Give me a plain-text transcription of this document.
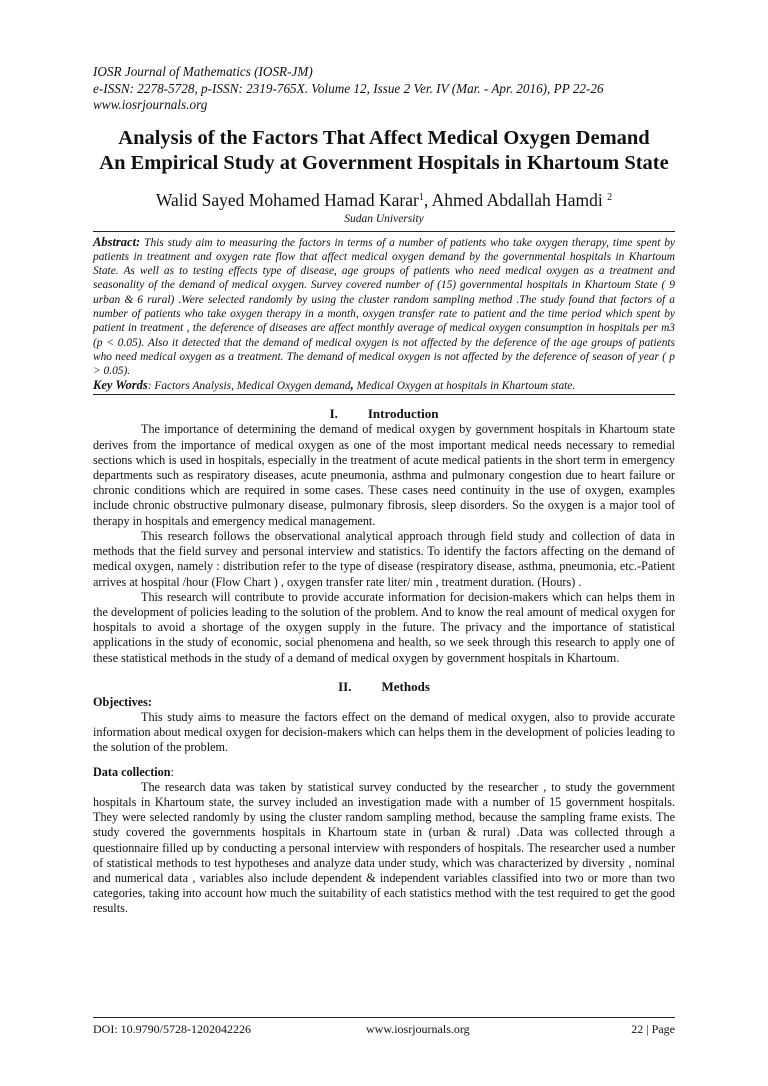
IOSR Journal of Mathematics (IOSR-JM)
e-ISSN: 2278-5728, p-ISSN: 2319-765X. Volume 12, Issue 2 Ver. IV (Mar. - Apr. 2016), PP 22-26
www.iosrjournals.org
Analysis of the Factors That Affect Medical Oxygen Demand
An Empirical Study at Government Hospitals in Khartoum State
Walid Sayed Mohamed Hamad Karar$^1$, Ahmed Abdallah Hamdi $^2$
Sudan University
Abstract: This study aim to measuring the factors in terms of a number of patients who take oxygen therapy, time spent by patients in treatment and oxygen rate flow that affect medical oxygen demand by the governmental hospitals in Khartoum State. As well as to testing effects type of disease, age groups of patients who need medical oxygen as a treatment and seasonality of the demand of medical oxygen. Survey covered number of (15) governmental hospitals in Khartoum State ( 9 urban & 6 rural) .Were selected randomly by using the cluster random sampling method .The study found that factors of a number of patients who take oxygen therapy in a month, oxygen transfer rate to patient and the time period which spent by patient in treatment , the deference of diseases are affect monthly average of medical oxygen consumption in hospitals per m3 (p < 0.05). Also it detected that the demand of medical oxygen is not affected by the deference of the age groups of patients who need medical oxygen as a treatment. The demand of medical oxygen is not affected by the deference of season of year ( p > 0.05).
Key Words: Factors Analysis, Medical Oxygen demand, Medical Oxygen at hospitals in Khartoum state.
I. Introduction

The importance of determining the demand of medical oxygen by government hospitals in Khartoum state derives from the importance of medical oxygen as one of the most important medical needs necessary to remedial sections which is used in hospitals, especially in the treatment of acute medical patients in the short term in emergency departments such as respiratory diseases, acute pneumonia, asthma and pulmonary congestion due to heart failure or chronic conditions which are required in some cases. These cases need continuity in the use of oxygen, examples include chronic obstructive pulmonary disease, pulmonary fibrosis, sleep disorders. So the oxygen is a major tool of therapy in hospitals and emergency medical management.

This research follows the observational analytical approach through field study and collection of data in methods that the field survey and personal interview and statistics. To identify the factors affecting on the demand of medical oxygen, namely : distribution refer to the type of disease (respiratory disease, asthma, pneumonia, etc.-Patient arrives at hospital /hour (Flow Chart ) , oxygen transfer rate liter/ min , treatment duration. (Hours) .

This research will contribute to provide accurate information for decision-makers which can helps them in the development of policies leading to the solution of the problem. And to know the real amount of medical oxygen for hospitals to avoid a shortage of the oxygen supply in the future. The privacy and the importance of statistical applications in the study of economic, social phenomena and health, so we seek through this research to apply one of these statistical methods in the study of a demand of medical oxygen by government hospitals in Khartoum.

II. Methods
Objectives:

This study aims to measure the factors effect on the demand of medical oxygen, also to provide accurate information about medical oxygen for decision-makers which can helps them in the development of policies leading to the solution of the problem.

Data collection:

The research data was taken by statistical survey conducted by the researcher , to study the government hospitals in Khartoum state, the survey included an investigation made with a number of 15 government hospitals. They were selected randomly by using the cluster random sampling method, because the sampling frame exists. The study covered the governments hospitals in Khartoum state in (urban & rural) .Data was collected through a questionnaire filled up by conducting a personal interview with responders of hospitals. The researcher used a number of statistical methods to test hypotheses and analyze data under study, which was characterized by diversity , nominal and numerical data , variables also include dependent & independent variables classified into two or more than two categories, taking into account how much the suitability of each statistics method with the test required to get the good results.

DOI: 10.9790/5728-1202042226	www.iosrjournals.org	22 | Page
